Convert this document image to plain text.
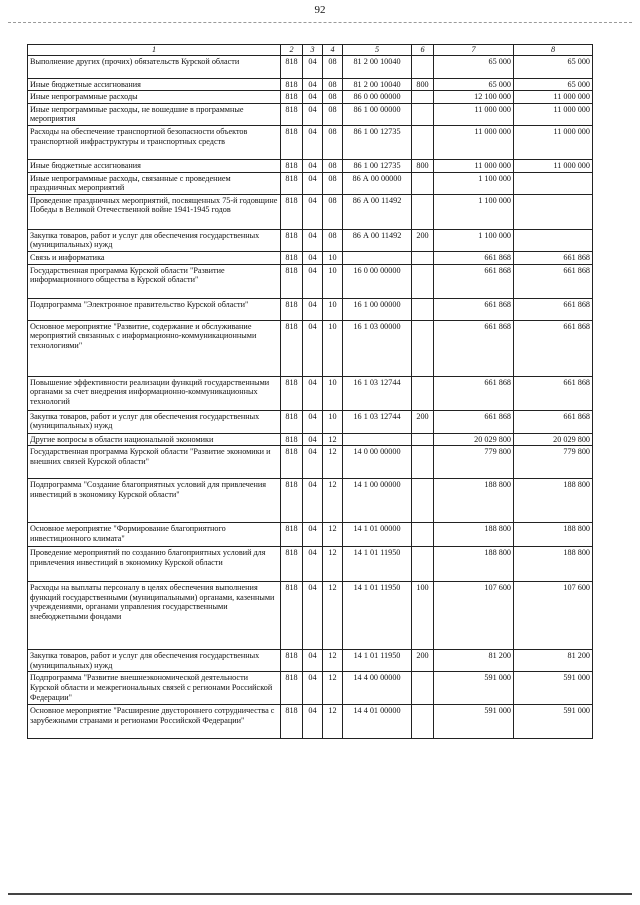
92
1	2	3	4	5	6	7	8
Выполнение других (прочих) обязательств Курской области	818	04	08	81 2 00 10040		65 000	65 000
Иные бюджетные ассигнования	818	04	08	81 2 00 10040	800	65 000	65 000
Иные непрограммные расходы	818	04	08	86 0 00 00000		12 100 000	11 000 000
Иные непрограммные расходы, не вошедшие в программные мероприятия	818	04	08	86 1 00 00000		11 000 000	11 000 000
Расходы на обеспечение транспортной безопасности объектов транспортной инфраструктуры и транспортных средств	818	04	08	86 1 00 12735		11 000 000	11 000 000
Иные бюджетные ассигнования	818	04	08	86 1 00 12735	800	11 000 000	11 000 000
Иные непрограммные расходы, связанные с проведением праздничных мероприятий	818	04	08	86 А 00 00000		1 100 000	
Проведение праздничных мероприятий, посвященных 75-й годовщине Победы в Великой Отечественной войне 1941-1945 годов	818	04	08	86 А 00 11492		1 100 000	
Закупка товаров, работ и услуг для обеспечения государственных (муниципальных) нужд	818	04	08	86 А 00 11492	200	1 100 000	
Связь и информатика	818	04	10			661 868	661 868
Государственная программа Курской области "Развитие информационного общества в Курской области"	818	04	10	16 0 00 00000		661 868	661 868
Подпрограмма "Электронное правительство Курской области"	818	04	10	16 1 00 00000		661 868	661 868
Основное мероприятие "Развитие, содержание и обслуживание мероприятий связанных с информационно-коммуникационными технологиями"	818	04	10	16 1 03 00000		661 868	661 868
Повышение эффективности реализации функций государственными органами за счет внедрения информационно-коммуникационных технологий	818	04	10	16 1 03 12744		661 868	661 868
Закупка товаров, работ и услуг для обеспечения государственных (муниципальных) нужд	818	04	10	16 1 03 12744	200	661 868	661 868
Другие вопросы в области национальной экономики	818	04	12			20 029 800	20 029 800
Государственная программа Курской области "Развитие экономики и внешних связей Курской области"	818	04	12	14 0 00 00000		779 800	779 800
Подпрограмма "Создание благоприятных условий для привлечения инвестиций в экономику Курской области"	818	04	12	14 1 00 00000		188 800	188 800
Основное мероприятие "Формирование благоприятного инвестиционного климата"	818	04	12	14 1 01 00000		188 800	188 800
Проведение мероприятий по созданию благоприятных условий для привлечения инвестиций в экономику Курской области	818	04	12	14 1 01 11950		188 800	188 800
Расходы на выплаты персоналу в целях обеспечения выполнения функций государственными (муниципальными) органами, казенными учреждениями, органами управления государственными внебюджетными фондами	818	04	12	14 1 01 11950	100	107 600	107 600
Закупка товаров, работ и услуг для обеспечения государственных (муниципальных) нужд	818	04	12	14 1 01 11950	200	81 200	81 200
Подпрограмма "Развитие внешнеэкономической деятельности Курской области и межрегиональных связей с регионами Российской Федерации"	818	04	12	14 4 00 00000		591 000	591 000
Основное мероприятие "Расширение двустороннего сотрудничества с зарубежными странами и регионами Российской Федерации"	818	04	12	14 4 01 00000		591 000	591 000
